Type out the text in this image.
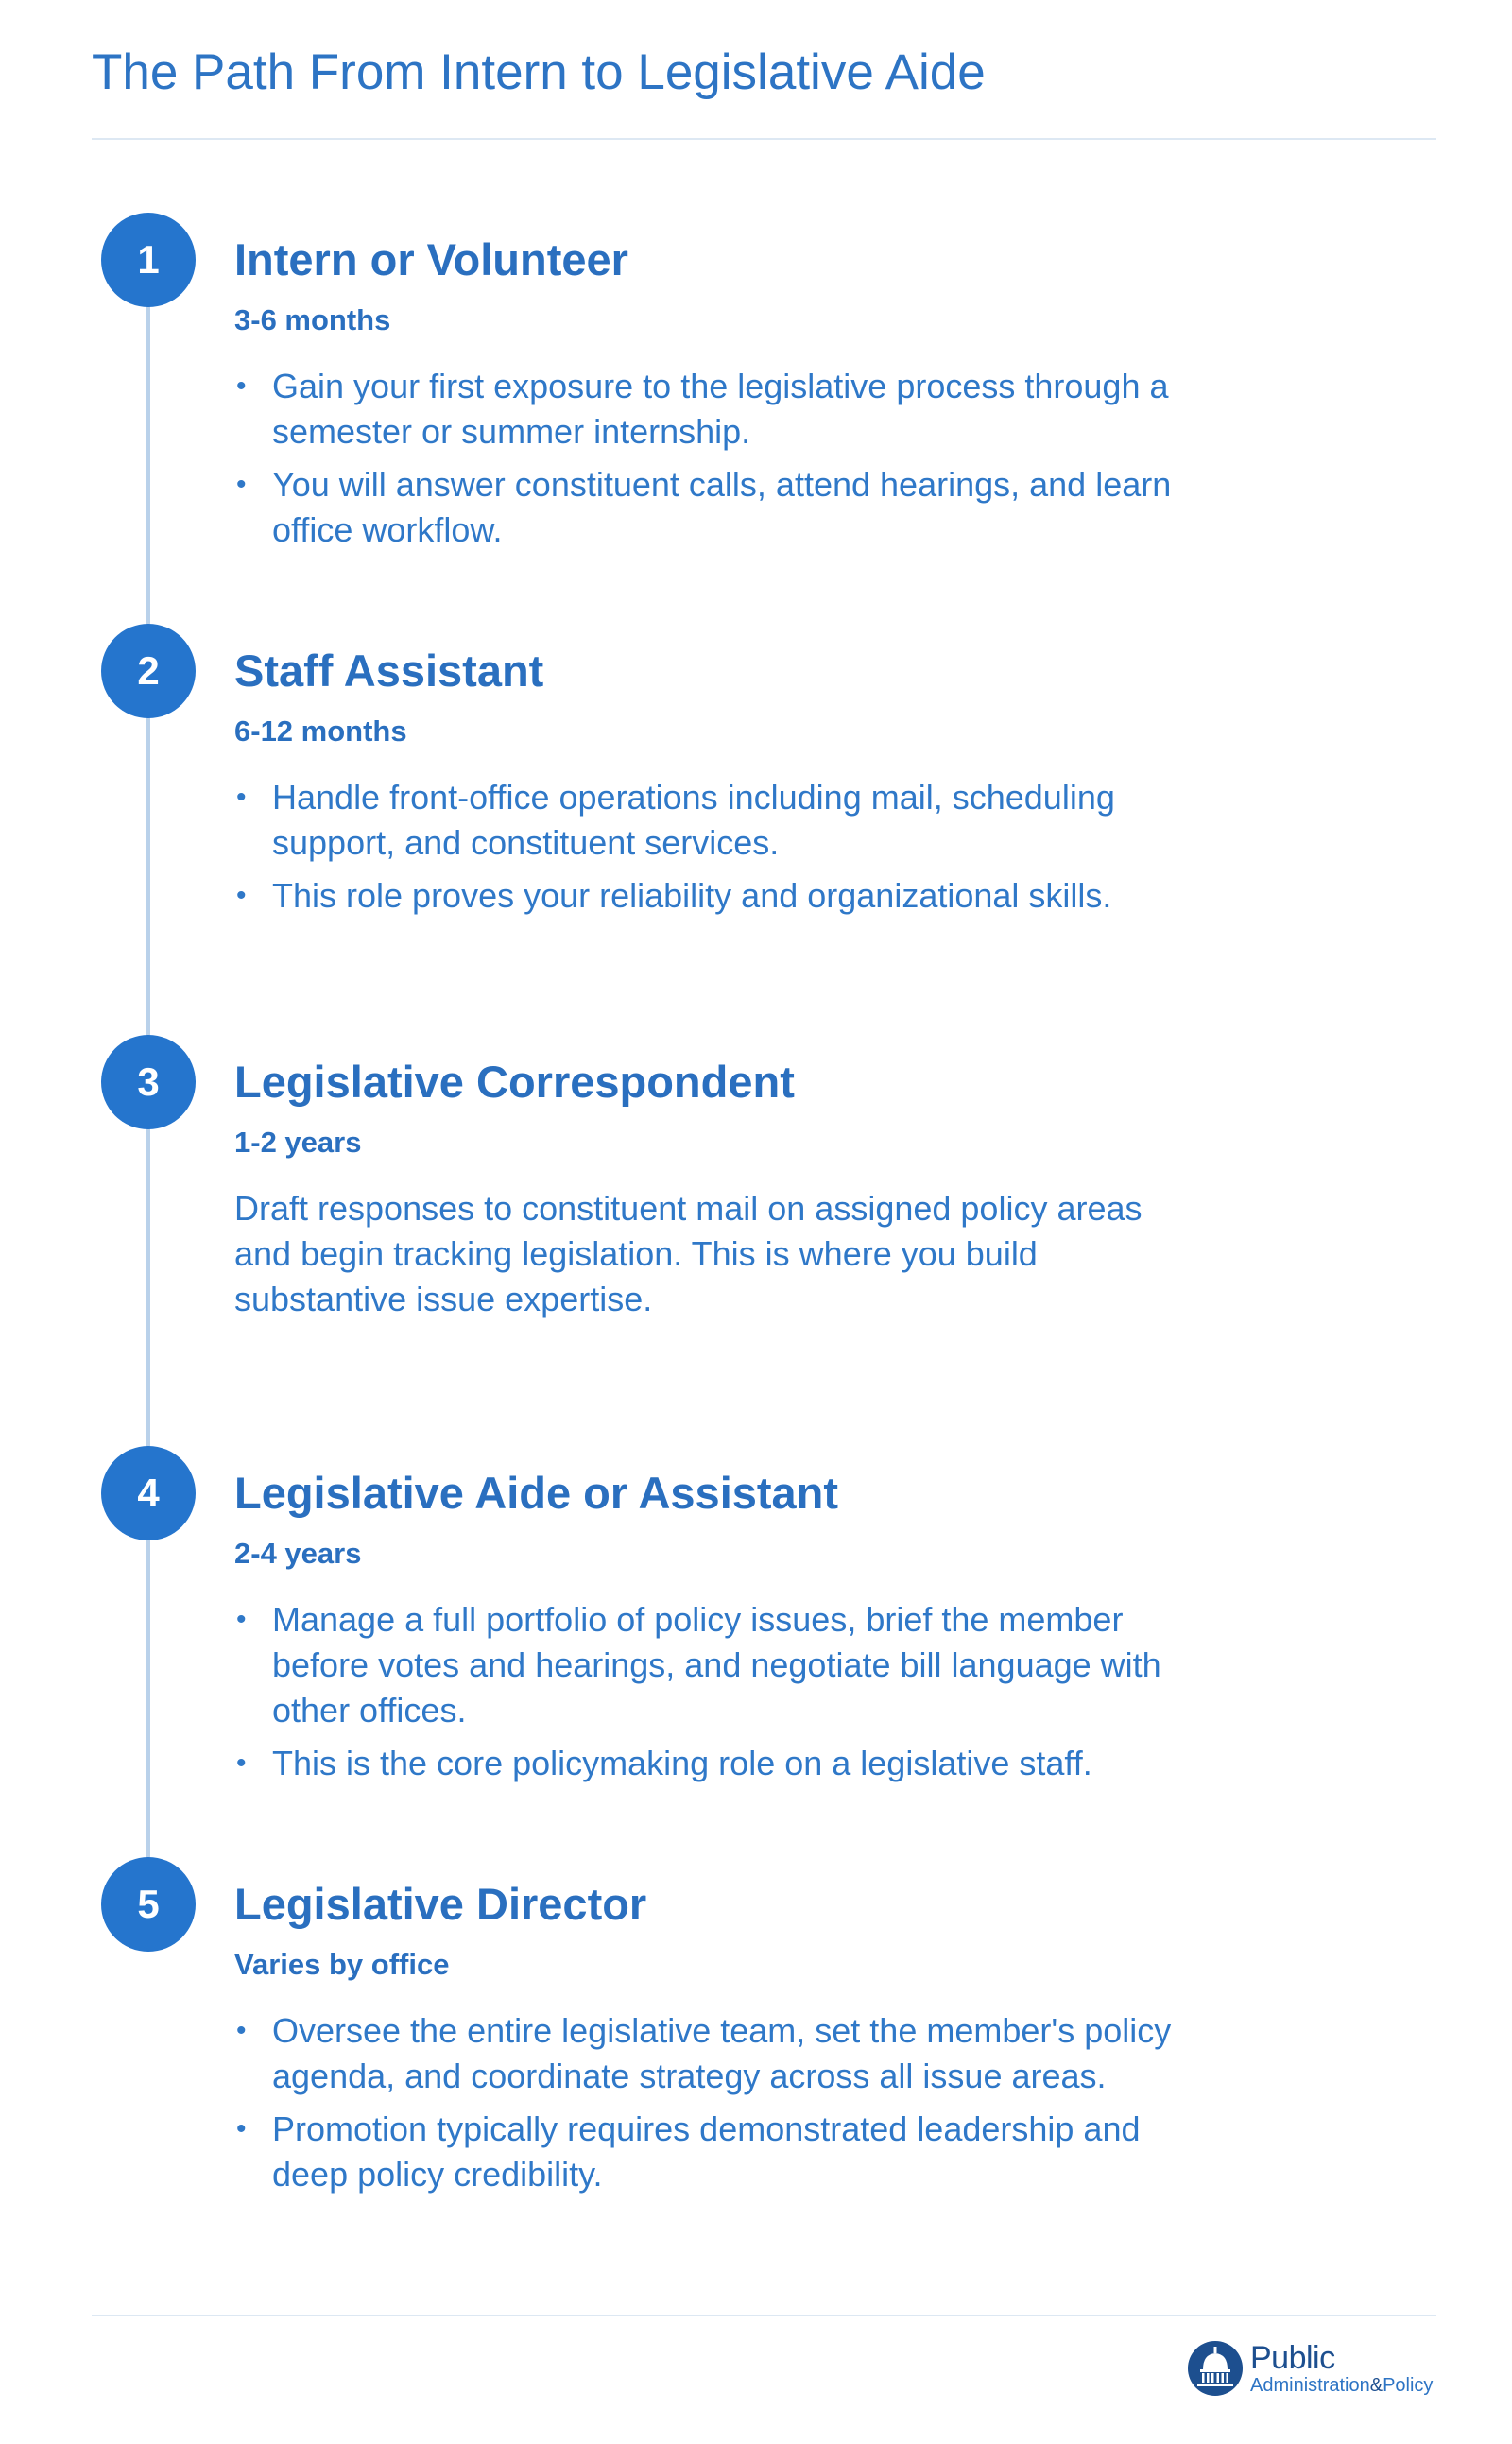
The Path From Intern to Legislative Aide
1	Intern or Volunteer
3-6 months
• Gain your first exposure to the legislative process through a semester or summer internship.
• You will answer constituent calls, attend hearings, and learn office workflow.
2	Staff Assistant
6-12 months
• Handle front-office operations including mail, scheduling support, and constituent services.
• This role proves your reliability and organizational skills.
3	Legislative Correspondent
1-2 years

Draft responses to constituent mail on assigned policy areas and begin tracking legislation. This is where you build substantive issue expertise.

4	Legislative Aide or Assistant
2-4 years
• Manage a full portfolio of policy issues, brief the member before votes and hearings, and negotiate bill language with other offices.
• This is the core policymaking role on a legislative staff.
5	Legislative Director
Varies by office
• Oversee the entire legislative team, set the member's policy agenda, and coordinate strategy across all issue areas.
• Promotion typically requires demonstrated leadership and deep policy credibility.
Public
Administration&Policy
